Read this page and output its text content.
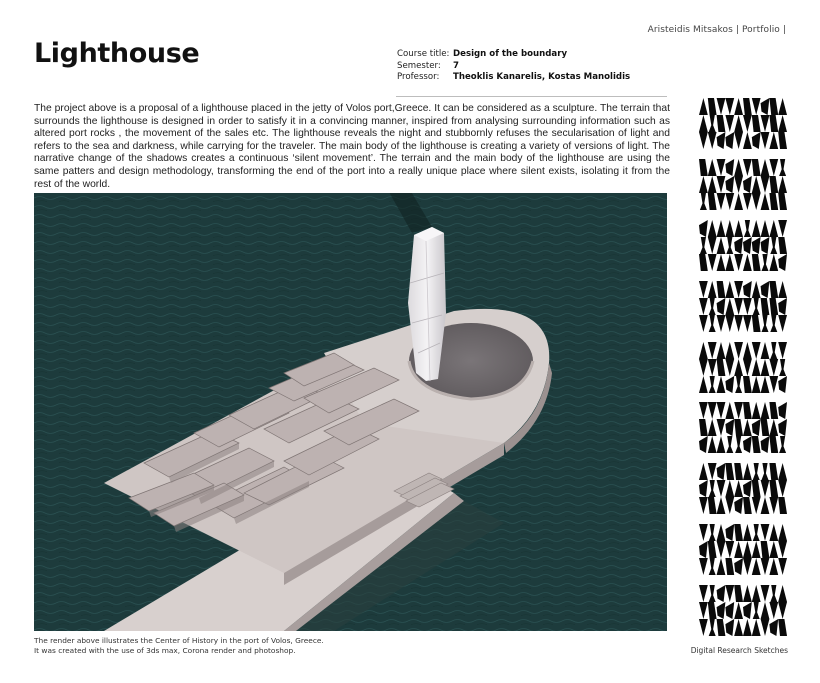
Aristeidis Mitsakos | Portfolio |
Lighthouse	Course title: Design of the boundary
Semester:	7
Professor:	Theoklis Kanarelis, Kostas Manolidis

The project above is a proposal of a lighthouse placed in the jetty of Volos port,Greece. It can be considered as a sculpture. The terrain that surrounds the lighthouse is designed in order to satisfy it in a convincing manner, inspired from analysing surrounding information such as altered port rocks , the movement of the sales etc. The lighthouse reveals the night and stubbornly refuses the secularisation of light and refers to the sea and darkness, while carrying for the traveler. The main body of the lighthouse is creating a variety of versions of light. The narrative change of the shadows creates a continuous ‘silent movement’. The terrain and the main body of the lighthouse are using the same patters and design methodology, transforming the end of the port into a really unique place where silent exists, isolating it from the rest of the world.

The render above illustrates the Center of History in the port of Volos, Greece.
It was created with the use of 3ds max, Corona render and photoshop.	Digital Research Sketches
